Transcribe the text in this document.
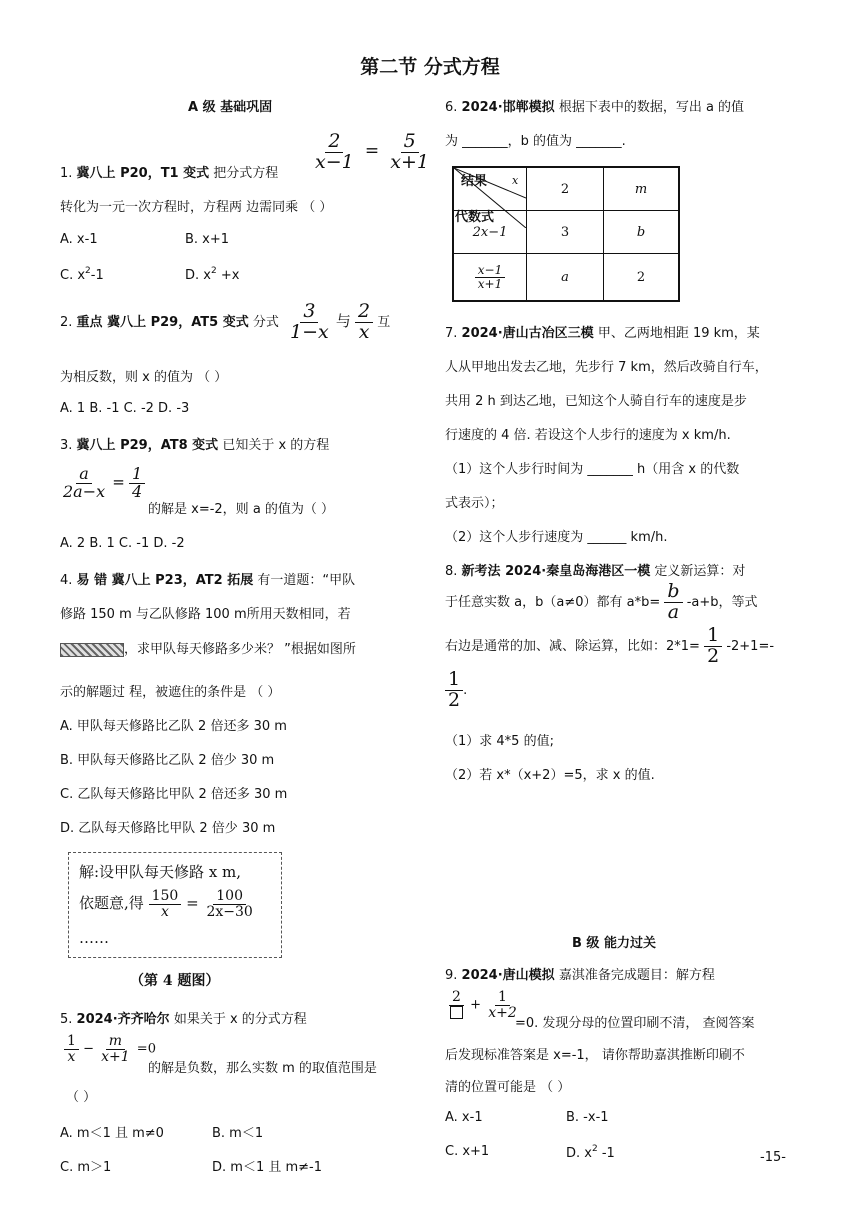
第二节 分式方程
A 级 基础巩固
$\frac{2}{x-1} = \frac{5}{x+1}$
1. 冀八上 P20，T1 变式 把分式方程
转化为一元一次方程时，方程两 边需同乘 （ ）
A. x-1	B. x+1
C. $x^2-1$	D. $x^2 +x$
2. 重点 冀八上 P29，AT5 变式 分式 $\frac{3}{1-x}$ 与 $\frac{2}{x}$ 互
为相反数，则 x 的值为 （ ）
A. 1 B. -1 C. -2 D. -3
3. 冀八上 P29，AT8 变式 已知关于 x 的方程
$\frac{a}{2a-x} = \frac{1}{4}$
的解是 x=-2，则 a 的值为（ ）
A. 2 B. 1 C. -1 D. -2
4. 易 错 冀八上 P23，AT2 拓展 有一道题：“甲队
修路 150 m 与乙队修路 100 m所用天数相同，若
，求甲队每天修路多少米？ ”根据如图所
示的解题过 程，被遮住的条件是 （ ）
A. 甲队每天修路比乙队 2 倍还多 30 m
B. 甲队每天修路比乙队 2 倍少 30 m
C. 乙队每天修路比甲队 2 倍还多 30 m
D. 乙队每天修路比甲队 2 倍少 30 m
解:设甲队每天修路 x m,
依题意,得 $\frac{150}{x} = \frac{100}{2x-30}$
……
（第 4 题图）
5. 2024·齐齐哈尔 如果关于 x 的分式方程
$\frac{1}{x} - \frac{m}{x+1} =0$
的解是负数，那么实数 m 的取值范围是
（ ）
A. m＜1 且 m≠0	B. m＜1
C. m＞1	D. m＜1 且 m≠-1
6. 2024·邯郸模拟 根据下表中的数据，写出 a 的值
为 _______，b 的值为 _______.
结果 x
代数式	2	m
2x−1	3	b

$\frac{x-1}{x+1}$	a	2
7. 2024·唐山古冶区三模 甲、乙两地相距 19 km，某
人从甲地出发去乙地，先步行 7 km，然后改骑自行车，
共用 2 h 到达乙地，已知这个人骑自行车的速度是步
行速度的 4 倍. 若设这个人步行的速度为 x km/h.
（1）这个人步行时间为 _______ h（用含 x 的代数
式表示）；
（2）这个人步行速度为 ______ km/h.
8. 新考法 2024·秦皇岛海港区一模 定义新运算：对
于任意实数 a，b（a≠0）都有 $a*b= \frac{b}{a} -a+b$，等式
右边是通常的加、减、除运算，比如：$2*1= \frac{1}{2} -2+1=-$
$\frac{1}{2}$ .
（1）求 4*5 的值;
（2）若 x*（x+2）=5，求 x 的值.
B 级 能力过关
9. 2024·唐山模拟 嘉淇准备完成题目：解方程
2
+ $\frac{1}{x+2}$
=0. 发现分母的位置印刷不清， 查阅答案
后发现标准答案是 x=-1， 请你帮助嘉淇推断印刷不
清的位置可能是 （ ）
A. x-1	B. -x-1
C. x+1	D. $x^2$ -1	-15-
